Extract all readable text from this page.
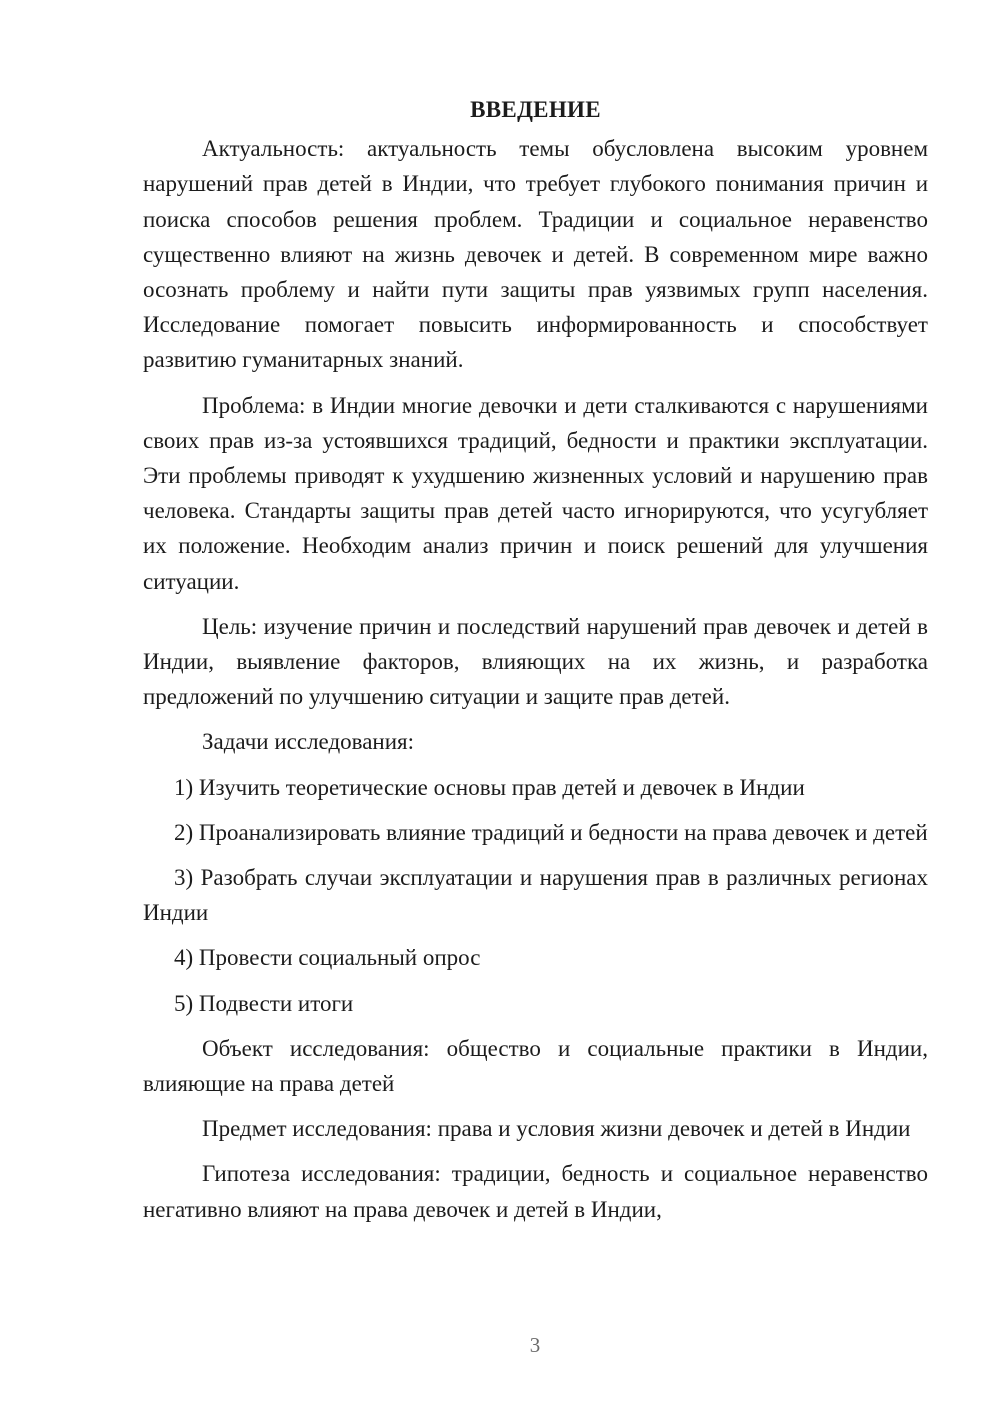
ВВЕДЕНИЕ

Актуальность: актуальность темы обусловлена высоким уровнем нарушений прав детей в Индии, что требует глубокого понимания причин и поиска способов решения проблем. Традиции и социальное неравенство существенно влияют на жизнь девочек и детей. В современном мире важно осознать проблему и найти пути защиты прав уязвимых групп населения. Исследование помогает повысить информированность и способствует развитию гуманитарных знаний.

Проблема: в Индии многие девочки и дети сталкиваются с нарушениями своих прав из-за устоявшихся традиций, бедности и практики эксплуатации. Эти проблемы приводят к ухудшению жизненных условий и нарушению прав человека. Стандарты защиты прав детей часто игнорируются, что усугубляет их положение. Необходим анализ причин и поиск решений для улучшения ситуации.

Цель: изучение причин и последствий нарушений прав девочек и детей в Индии, выявление факторов, влияющих на их жизнь, и разработка предложений по улучшению ситуации и защите прав детей.

Задачи исследования:

1) Изучить теоретические основы прав детей и девочек в Индии

2) Проанализировать влияние традиций и бедности на права девочек и детей

3) Разобрать случаи эксплуатации и нарушения прав в различных регионах Индии

4) Провести социальный опрос

5) Подвести итоги

Объект исследования: общество и социальные практики в Индии, влияющие на права детей

Предмет исследования: права и условия жизни девочек и детей в Индии

Гипотеза исследования: традиции, бедность и социальное неравенство негативно влияют на права девочек и детей в Индии,

3
